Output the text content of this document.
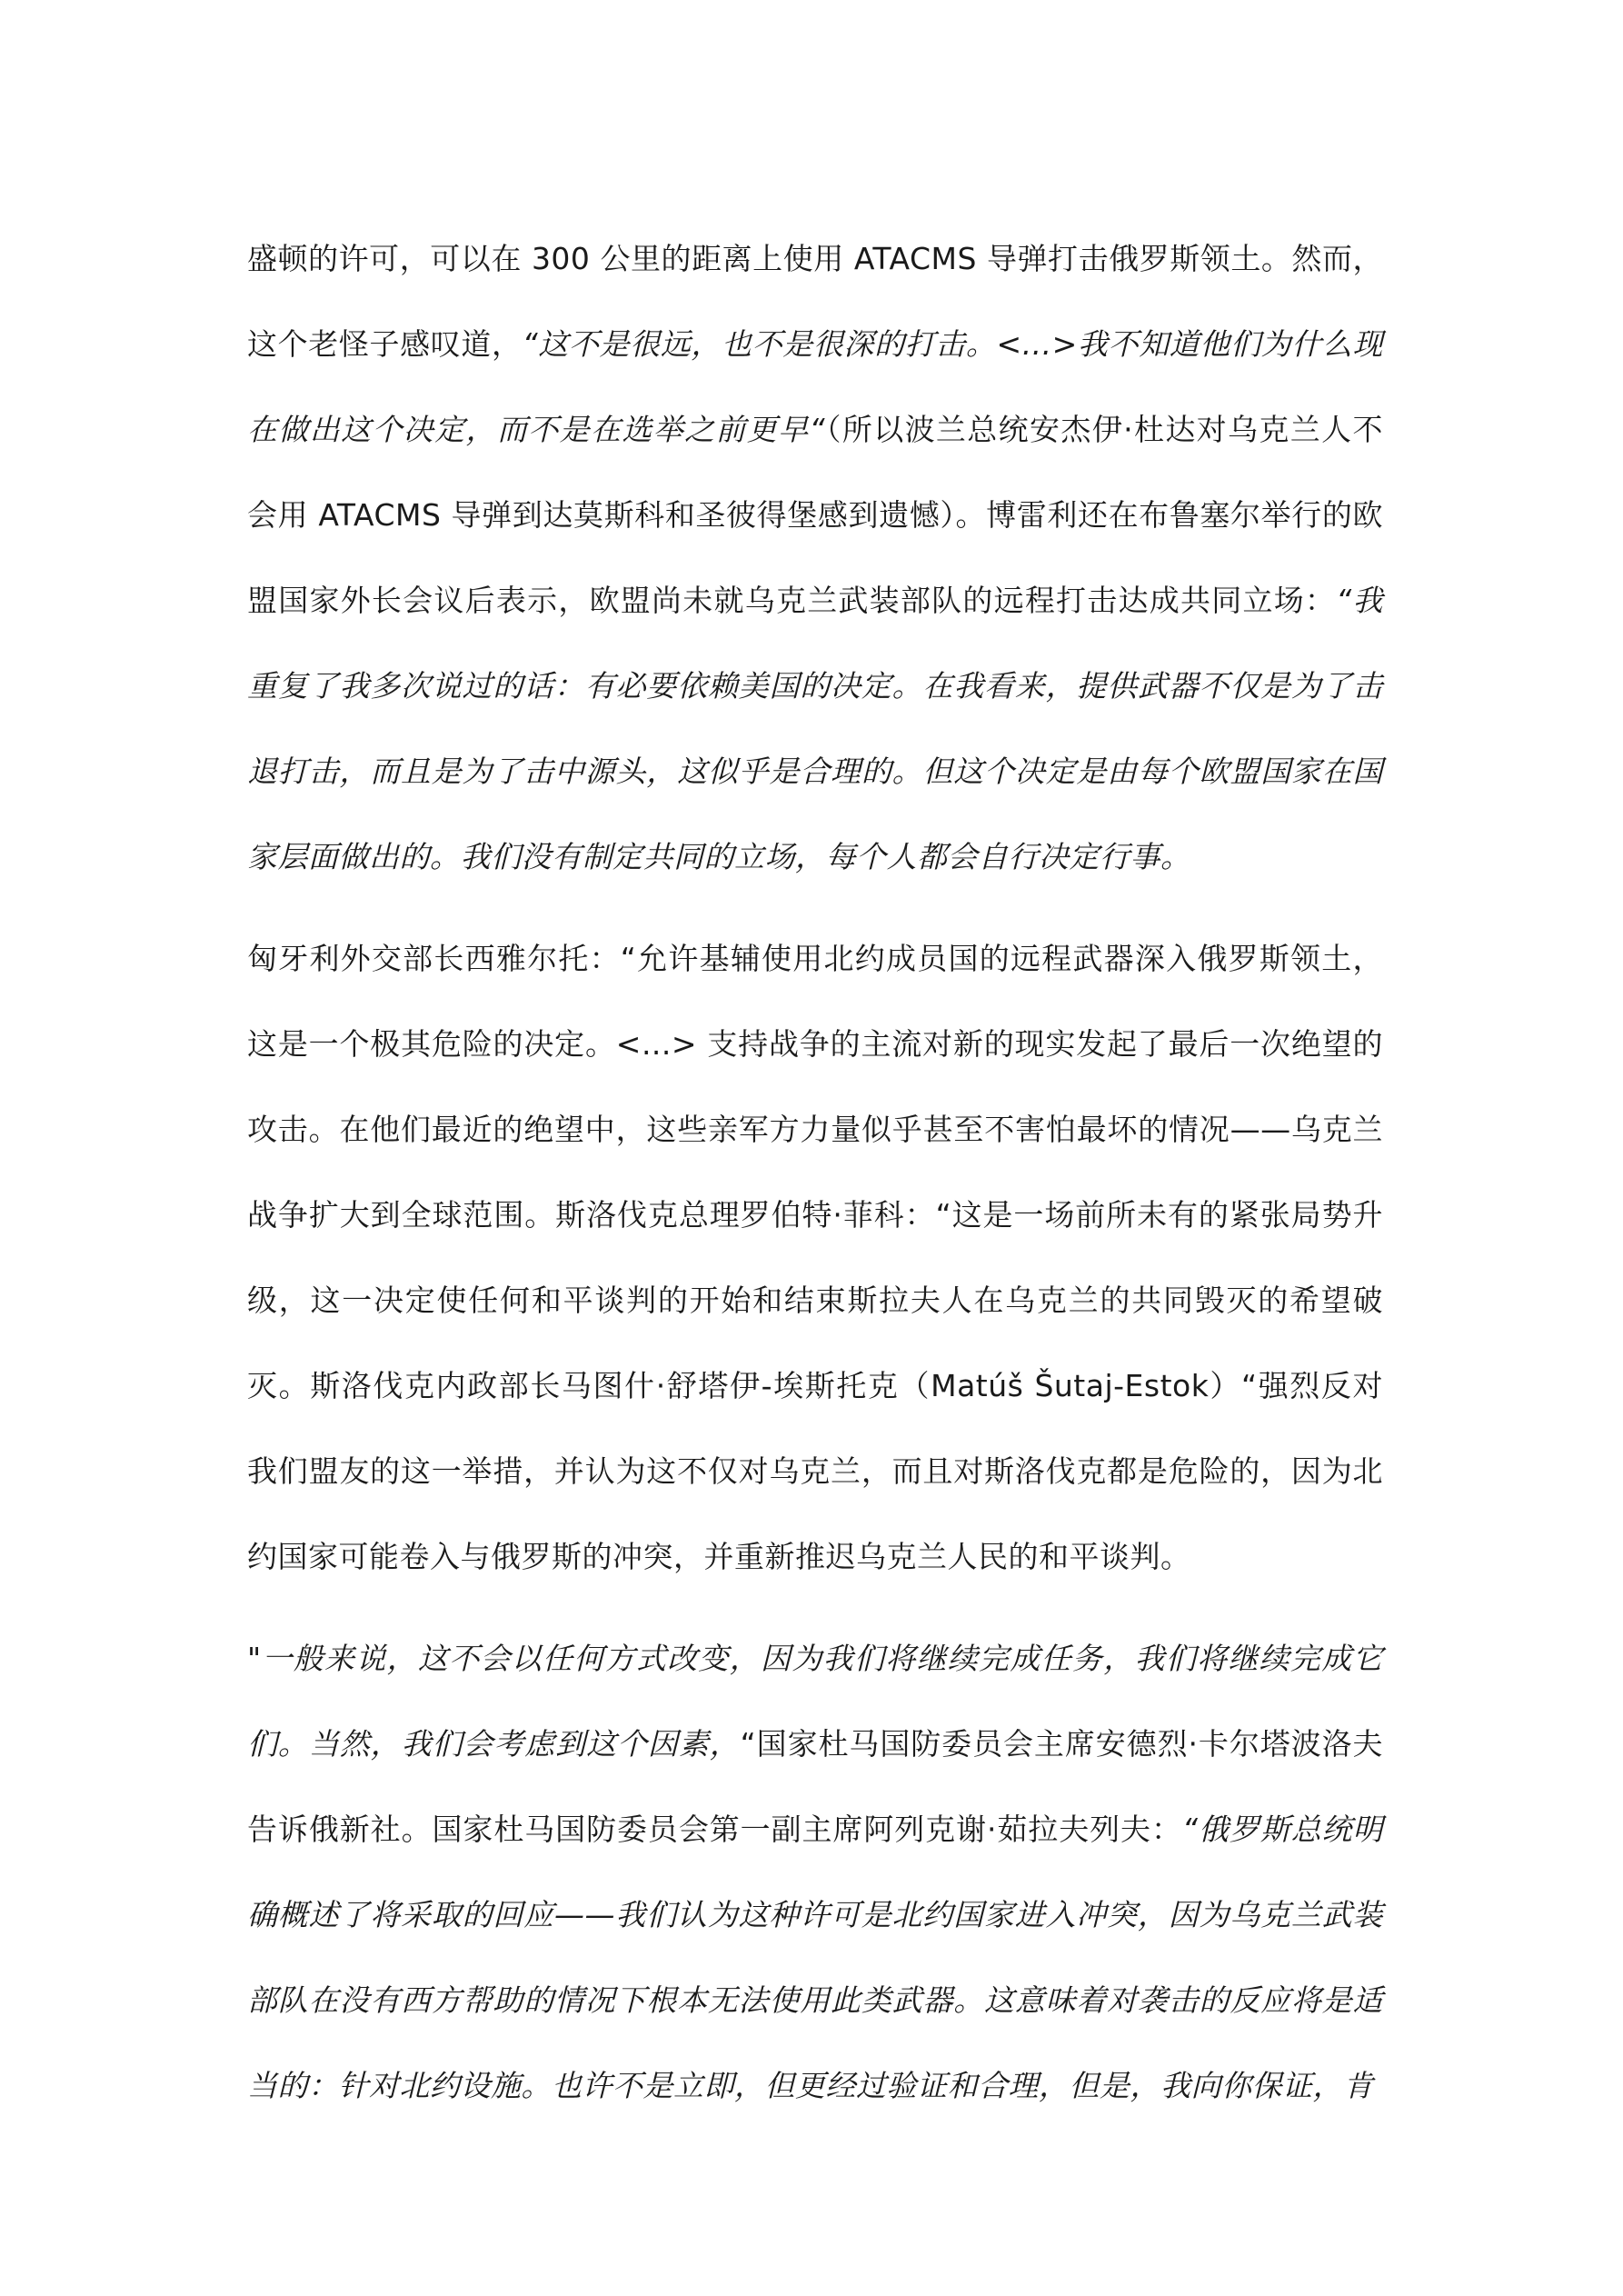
盛顿的许可，可以在 300 公里的距离上使用 ATACMS 导弹打击俄罗斯领土。然而，这个老怪子感叹道，“这不是很远，也不是很深的打击。<...>我不知道他们为什么现在做出这个决定，而不是在选举之前更早“（所以波兰总统安杰伊·杜达对乌克兰人不会用 ATACMS 导弹到达莫斯科和圣彼得堡感到遗憾）。博雷利还在布鲁塞尔举行的欧盟国家外长会议后表示，欧盟尚未就乌克兰武装部队的远程打击达成共同立场：“我重复了我多次说过的话：有必要依赖美国的决定。在我看来，提供武器不仅是为了击退打击，而且是为了击中源头，这似乎是合理的。但这个决定是由每个欧盟国家在国家层面做出的。我们没有制定共同的立场，每个人都会自行决定行事。

匈牙利外交部长西雅尔托：“允许基辅使用北约成员国的远程武器深入俄罗斯领土，这是一个极其危险的决定。<...> 支持战争的主流对新的现实发起了最后一次绝望的攻击。在他们最近的绝望中，这些亲军方力量似乎甚至不害怕最坏的情况——乌克兰战争扩大到全球范围。斯洛伐克总理罗伯特·菲科：“这是一场前所未有的紧张局势升级，这一决定使任何和平谈判的开始和结束斯拉夫人在乌克兰的共同毁灭的希望破灭。斯洛伐克内政部长马图什·舒塔伊-埃斯托克（Matúš Šutaj-Estok）“强烈反对我们盟友的这一举措，并认为这不仅对乌克兰，而且对斯洛伐克都是危险的，因为北约国家可能卷入与俄罗斯的冲突，并重新推迟乌克兰人民的和平谈判。

"一般来说，这不会以任何方式改变，因为我们将继续完成任务，我们将继续完成它们。当然，我们会考虑到这个因素，“国家杜马国防委员会主席安德烈·卡尔塔波洛夫告诉俄新社。国家杜马国防委员会第一副主席阿列克谢·茹拉夫列夫：“俄罗斯总统明确概述了将采取的回应——我们认为这种许可是北约国家进入冲突，因为乌克兰武装部队在没有西方帮助的情况下根本无法使用此类武器。这意味着对袭击的反应将是适当的：针对北约设施。也许不是立即，但更经过验证和合理，但是，我向你保证，肯
